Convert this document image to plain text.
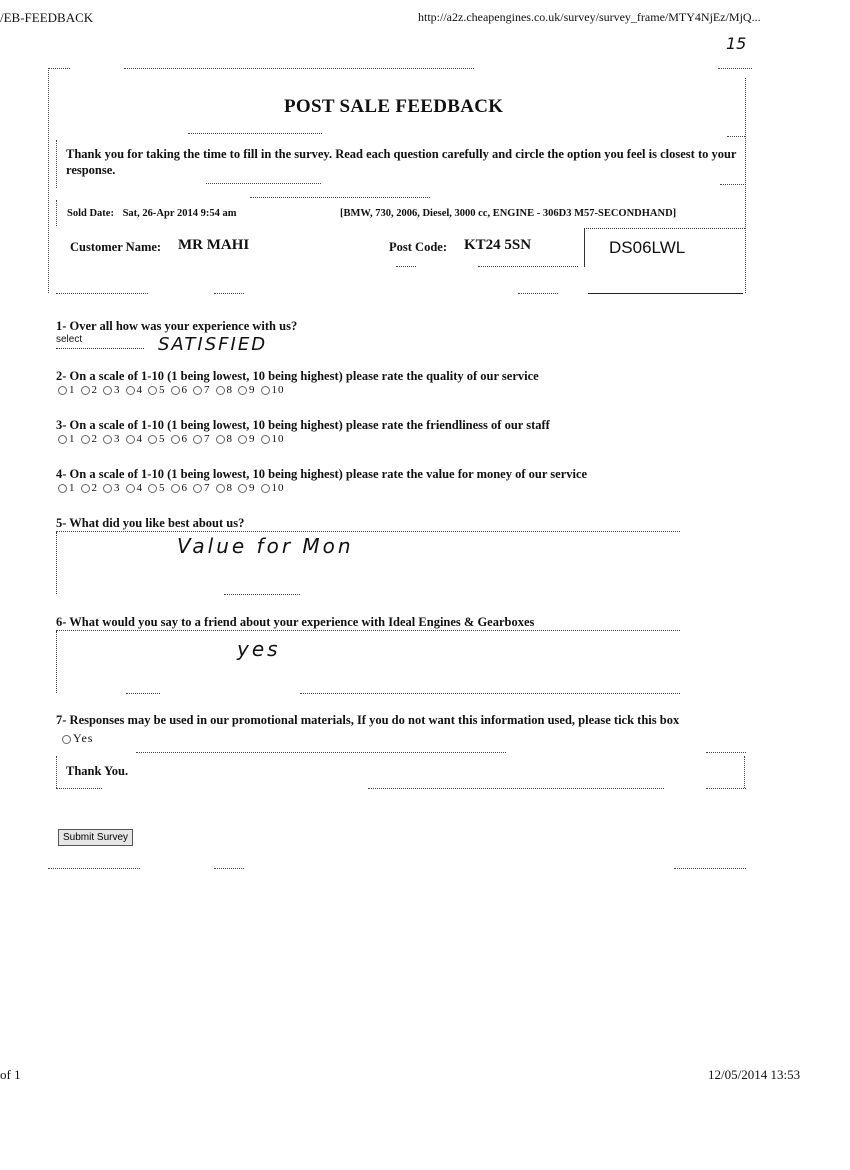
/EB-FEEDBACK	http://a2z.cheapengines.co.uk/survey/survey_frame/MTY4NjEz/MjQ...
15
POST SALE FEEDBACK
Thank you for taking the time to fill in the survey. Read each question carefully and circle the option you feel is closest to your response.
Sold Date: Sat, 26-Apr 2014 9:54 am	[BMW, 730, 2006, Diesel, 3000 cc, ENGINE - 306D3 M57-SECONDHAND]
Customer Name: MR MAHI	Post Code: KT24 5SN	DS06LWL
1- Over all how was your experience with us?
select	SATISFIED
2- On a scale of 1-10 (1 being lowest, 10 being highest) please rate the quality of our service
1 2 3 4 5 6 7 8 9 10
3- On a scale of 1-10 (1 being lowest, 10 being highest) please rate the friendliness of our staff
1 2 3 4 5 6 7 8 9 10
4- On a scale of 1-10 (1 being lowest, 10 being highest) please rate the value for money of our service
1 2 3 4 5 6 7 8 9 10
5- What did you like best about us?
Value for Mon
6- What would you say to a friend about your experience with Ideal Engines & Gearboxes
yes
7- Responses may be used in our promotional materials, If you do not want this information used, please tick this box
Yes
Thank You.
Submit Survey
of 1	12/05/2014 13:53
